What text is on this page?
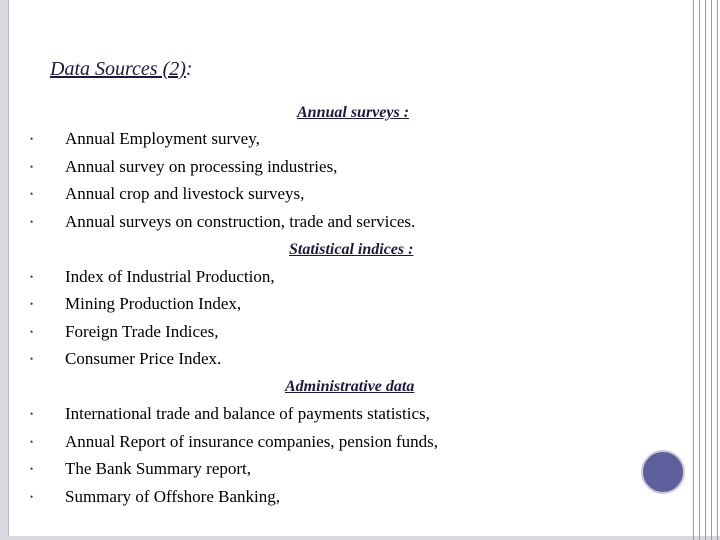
Data Sources (2):
Annual surveys :
•	Annual Employment survey,
•	Annual survey on processing industries,
•	Annual crop and livestock surveys,
•	Annual surveys on construction, trade and services.
Statistical indices :
•	Index of Industrial Production,
•	Mining Production Index,
•	Foreign Trade Indices,
•	Consumer Price Index.
Administrative data
•	International trade and balance of payments statistics,
•	Annual Report of insurance companies, pension funds,
•	The Bank Summary report,
•	Summary of Offshore Banking,
